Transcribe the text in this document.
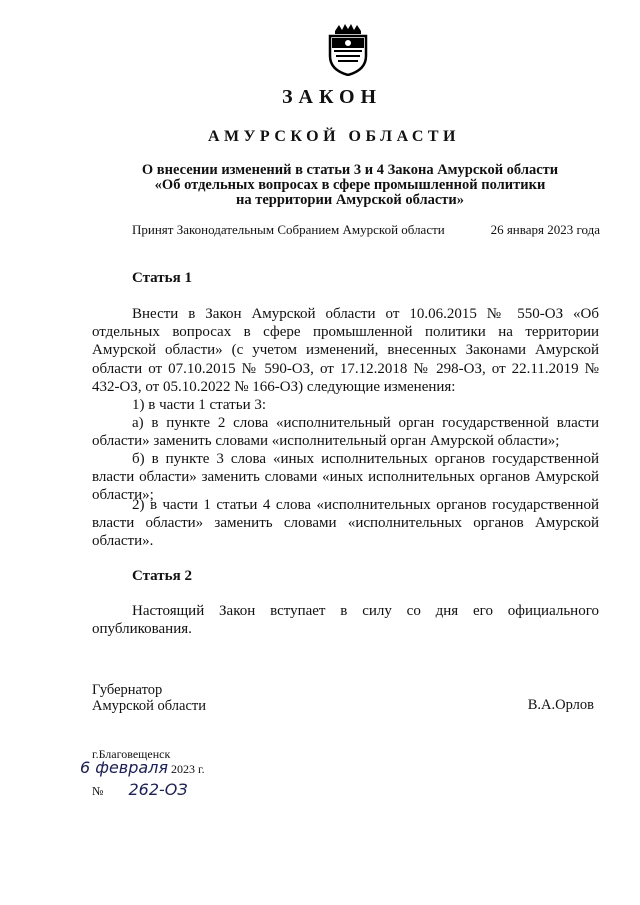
ЗАКОН
АМУРСКОЙ ОБЛАСТИ
О внесении изменений в статьи 3 и 4 Закона Амурской области
«Об отдельных вопросах в сфере промышленной политики
на территории Амурской области»
Принят Законодательным Собранием Амурской области	26 января 2023 года
Статья 1

Внести в Закон Амурской области от 10.06.2015 № 550-ОЗ «Об отдельных вопросах в сфере промышленной политики на территории Амурской области» (с учетом изменений, внесенных Законами Амурской области от 07.10.2015 № 590-ОЗ, от 17.12.2018 № 298-ОЗ, от 22.11.2019 № 432-ОЗ, от 05.10.2022 № 166-ОЗ) следующие изменения:

1) в части 1 статьи 3:

а) в пункте 2 слова «исполнительный орган государственной власти области» заменить словами «исполнительный орган Амурской области»;

б) в пункте 3 слова «иных исполнительных органов государственной власти области» заменить словами «иных исполнительных органов Амурской области»;

2) в части 1 статьи 4 слова «исполнительных органов государственной власти области» заменить словами «исполнительных органов Амурской области».

Статья 2

Настоящий Закон вступает в силу со дня его официального опубликования.

Губернатор
Амурской области	В.А.Орлов
г.Благовещенск
6 февраля 2023 г.
№ 262-ОЗ
